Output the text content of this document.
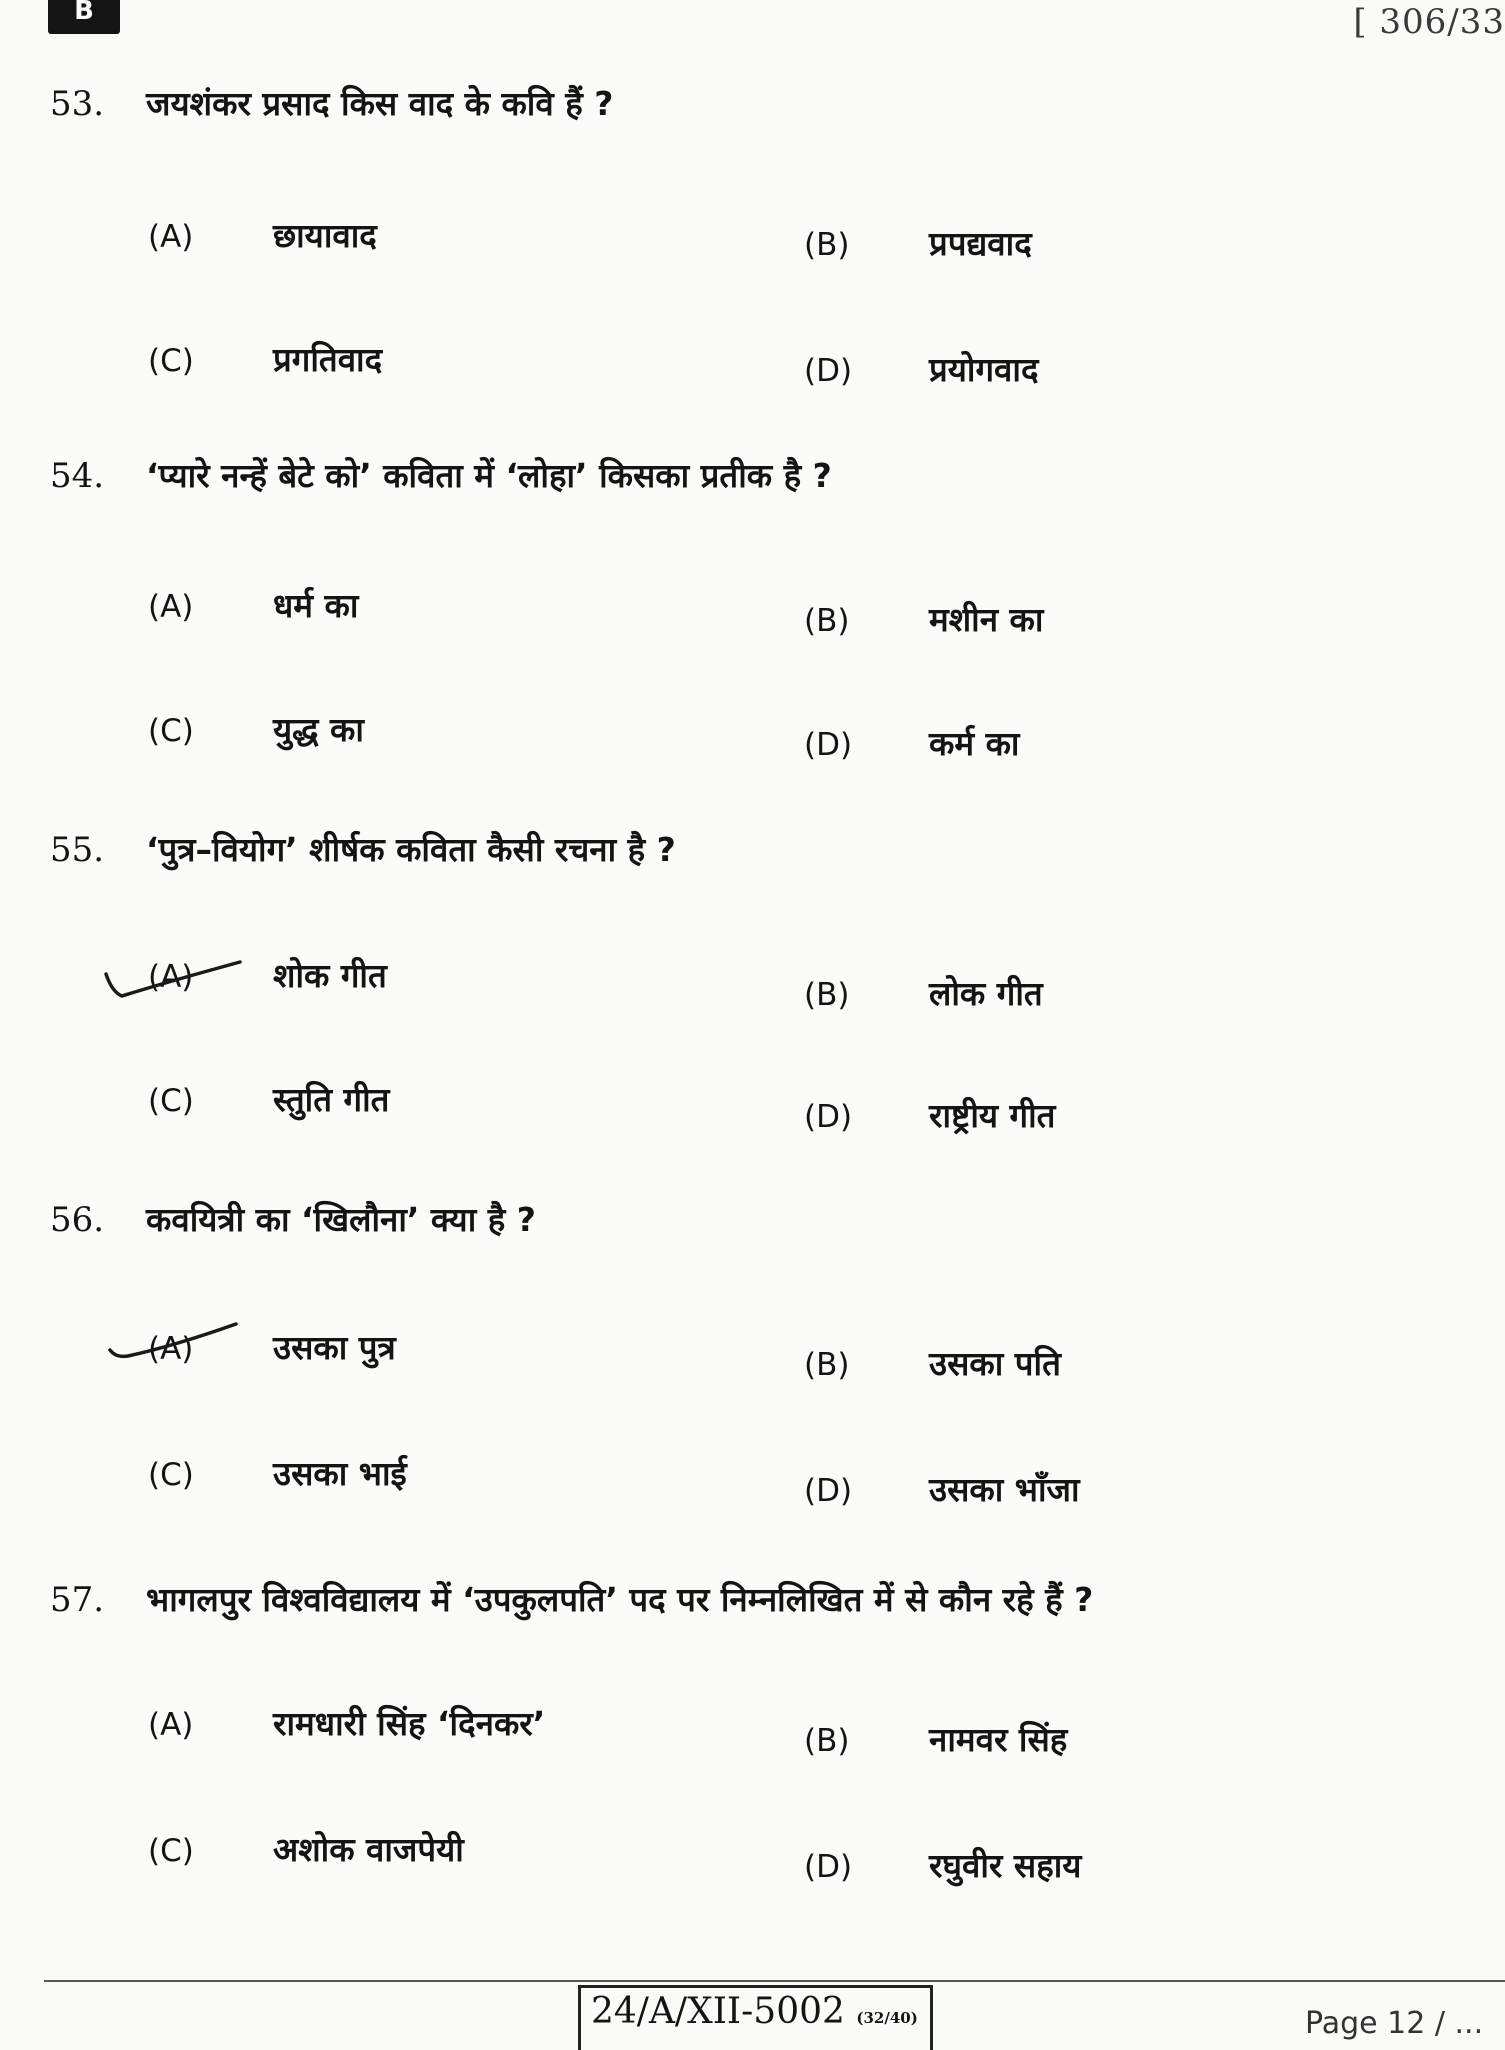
B	[ 306/33
53. जयशंकर प्रसाद किस वाद के कवि हैं ?
(A) छायावाद	(B) प्रपद्यवाद
(C) प्रगतिवाद	(D) प्रयोगवाद
54. ‘प्यारे नन्हें बेटे को’ कविता में ‘लोहा’ किसका प्रतीक है ?
(A) धर्म का	(B) मशीन का
(C) युद्ध का	(D) कर्म का
55. ‘पुत्र–वियोग’ शीर्षक कविता कैसी रचना है ?
(A) शोक गीत	(B) लोक गीत
(C) स्तुति गीत	(D) राष्ट्रीय गीत
56. कवयित्री का ‘खिलौना’ क्या है ?
(A) उसका पुत्र	(B) उसका पति
(C) उसका भाई	(D) उसका भाँजा
57. भागलपुर विश्वविद्यालय में ‘उपकुलपति’ पद पर निम्नलिखित में से कौन रहे हैं ?
(A) रामधारी सिंह ‘दिनकर’	(B) नामवर सिंह
(C) अशोक वाजपेयी	(D) रघुवीर सहाय
24/A/XII-5002 (32/40)	Page 12 / ...
